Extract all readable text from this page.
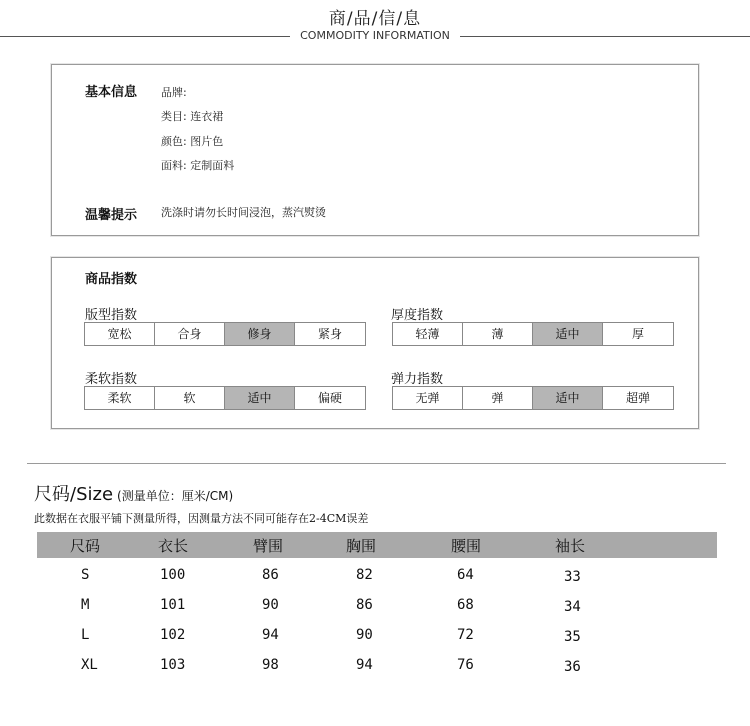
商/品/信/息
COMMODITY INFORMATION
基本信息 品牌:
类目: 连衣裙
颜色: 图片色
面料: 定制面料
温馨提示 洗涤时请勿长时间浸泡，蒸汽熨烫
商品指数
版型指数
宽松	合身	修身	紧身
厚度指数
轻薄	薄	适中	厚
柔软指数
柔软	软	适中	偏硬
弹力指数
无弹	弹	适中	超弹
尺码/Size (测量单位：厘米/CM)
此数据在衣服平铺下测量所得，因测量方法不同可能存在2-4CM误差
尺码	衣长	臂围	胸围	腰围	袖长
S	100	86	82	64	33
M	101	90	86	68	34
L	102	94	90	72	35
XL	103	98	94	76	36
